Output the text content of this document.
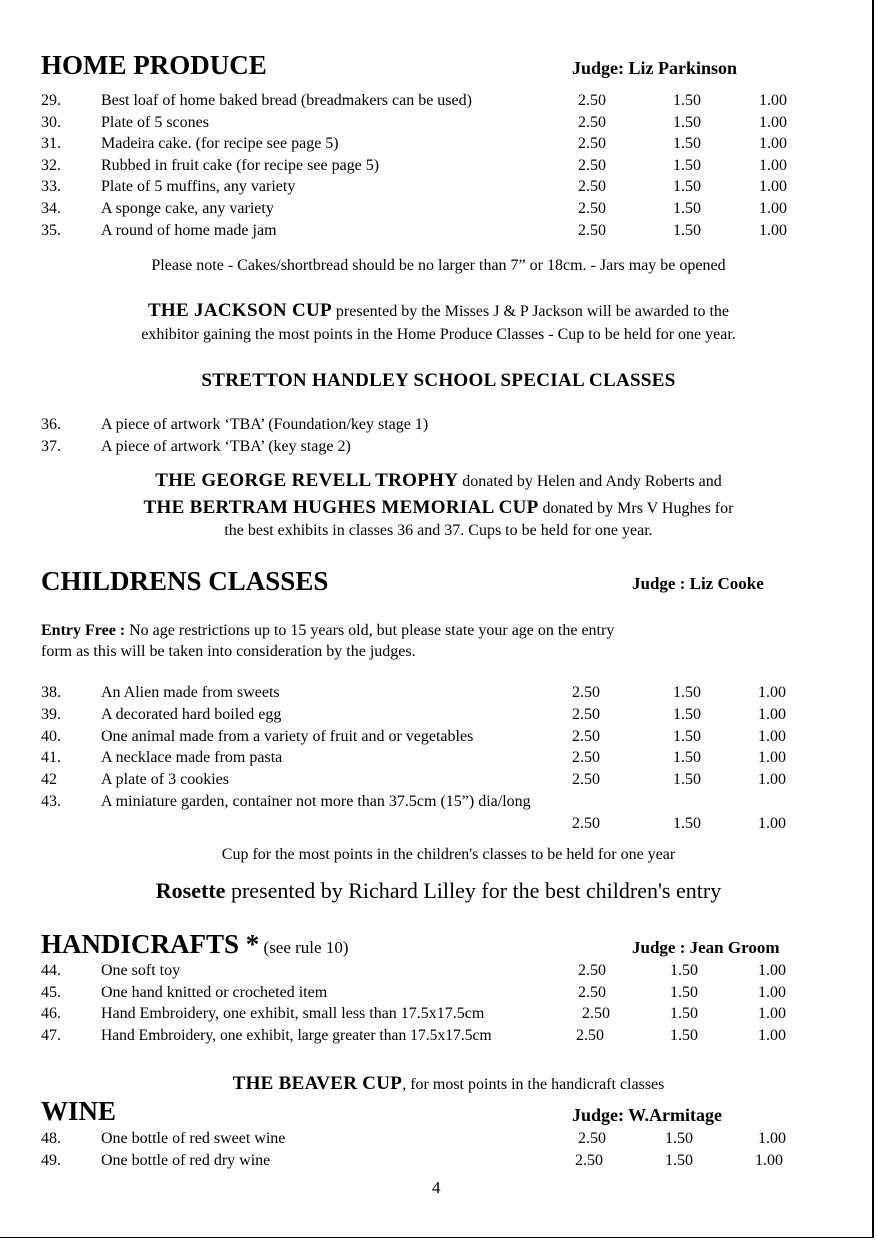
HOME PRODUCE	Judge: Liz Parkinson
29.	Best loaf of home baked bread (breadmakers can be used)	2.50	1.50	1.00
30.	Plate of 5 scones	2.50	1.50	1.00
31.	Madeira cake. (for recipe see page 5)	2.50	1.50	1.00
32.	Rubbed in fruit cake (for recipe see page 5)	2.50	1.50	1.00
33.	Plate of 5 muffins, any variety	2.50	1.50	1.00
34.	A sponge cake, any variety	2.50	1.50	1.00
35.	A round of home made jam	2.50	1.50	1.00
Please note - Cakes/shortbread should be no larger than 7” or 18cm. - Jars may be opened
THE JACKSON CUP presented by the Misses J & P Jackson will be awarded to the
exhibitor gaining the most points in the Home Produce Classes - Cup to be held for one year.
STRETTON HANDLEY SCHOOL SPECIAL CLASSES
36.	A piece of artwork ‘TBA’ (Foundation/key stage 1)
37.	A piece of artwork ‘TBA’ (key stage 2)
THE GEORGE REVELL TROPHY donated by Helen and Andy Roberts and
THE BERTRAM HUGHES MEMORIAL CUP donated by Mrs V Hughes for
the best exhibits in classes 36 and 37. Cups to be held for one year.
CHILDRENS CLASSES	Judge : Liz Cooke
Entry Free : No age restrictions up to 15 years old, but please state your age on the entry
form as this will be taken into consideration by the judges.
38.	An Alien made from sweets	2.50	1.50	1.00
39.	A decorated hard boiled egg	2.50	1.50	1.00
40.	One animal made from a variety of fruit and or vegetables	2.50	1.50	1.00
41.	A necklace made from pasta	2.50	1.50	1.00
42	A plate of 3 cookies	2.50	1.50	1.00
43.	A miniature garden, container not more than 37.5cm (15”) dia/long
2.50	1.50	1.00
Cup for the most points in the children's classes to be held for one year
Rosette presented by Richard Lilley for the best children's entry
HANDICRAFTS * (see rule 10)	Judge : Jean Groom
44.	One soft toy	2.50	1.50	1.00
45.	One hand knitted or crocheted item	2.50	1.50	1.00
46.	Hand Embroidery, one exhibit, small less than 17.5x17.5cm	2.50	1.50	1.00
47.	Hand Embroidery, one exhibit, large greater than 17.5x17.5cm	2.50	1.50	1.00
THE BEAVER CUP, for most points in the handicraft classes
WINE	Judge: W.Armitage
48.	One bottle of red sweet wine	2.50	1.50	1.00
49.	One bottle of red dry wine	2.50	1.50	1.00
4
